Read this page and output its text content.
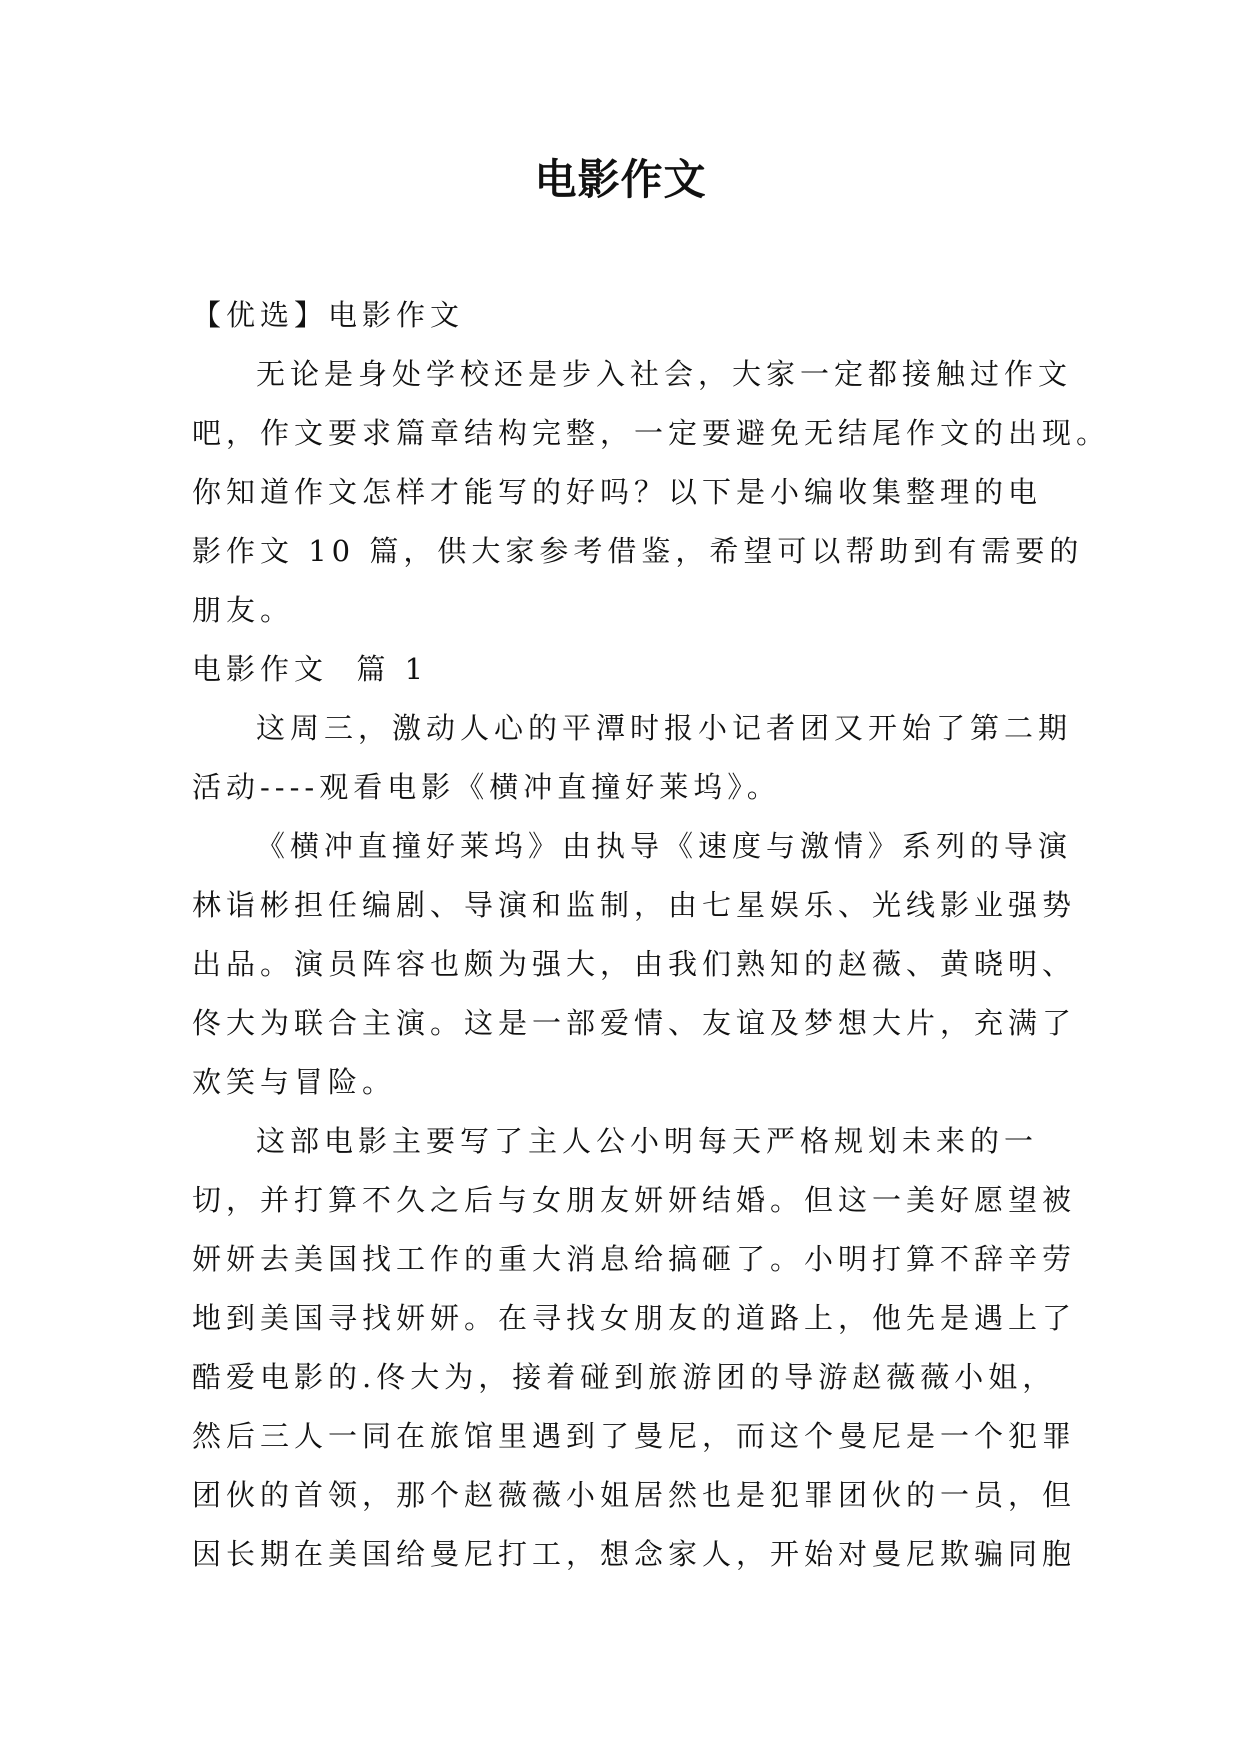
电影作文
【优选】电影作文
无论是身处学校还是步入社会，大家一定都接触过作文
吧，作文要求篇章结构完整，一定要避免无结尾作文的出现。
你知道作文怎样才能写的好吗？以下是小编收集整理的电
影作文 10 篇，供大家参考借鉴，希望可以帮助到有需要的
朋友。
电影作文  篇 1
这周三，激动人心的平潭时报小记者团又开始了第二期
活动----观看电影《横冲直撞好莱坞》。
《横冲直撞好莱坞》由执导《速度与激情》系列的导演
林诣彬担任编剧、导演和监制，由七星娱乐、光线影业强势
出品。演员阵容也颇为强大，由我们熟知的赵薇、黄晓明、
佟大为联合主演。这是一部爱情、友谊及梦想大片，充满了
欢笑与冒险。
这部电影主要写了主人公小明每天严格规划未来的一
切，并打算不久之后与女朋友妍妍结婚。但这一美好愿望被
妍妍去美国找工作的重大消息给搞砸了。小明打算不辞辛劳
地到美国寻找妍妍。在寻找女朋友的道路上，他先是遇上了
酷爱电影的.佟大为，接着碰到旅游团的导游赵薇薇小姐，
然后三人一同在旅馆里遇到了曼尼，而这个曼尼是一个犯罪
团伙的首领，那个赵薇薇小姐居然也是犯罪团伙的一员，但
因长期在美国给曼尼打工，想念家人，开始对曼尼欺骗同胞
